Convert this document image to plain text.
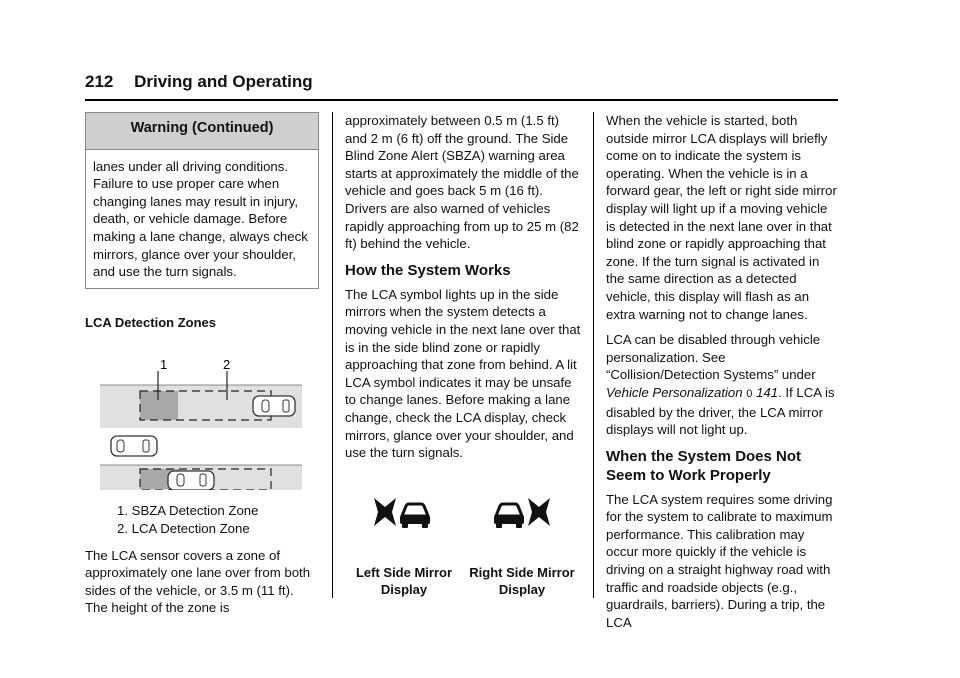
212 Driving and Operating
Warning (Continued)
lanes under all driving conditions. Failure to use proper care when changing lanes may result in injury, death, or vehicle damage. Before making a lane change, always check mirrors, glance over your shoulder, and use the turn signals.
LCA Detection Zones
1	2
1. SBZA Detection Zone
2. LCA Detection Zone

The LCA sensor covers a zone of approximately one lane over from both sides of the vehicle, or 3.5 m (11 ft). The height of the zone is

approximately between 0.5 m (1.5 ft) and 2 m (6 ft) off the ground. The Side Blind Zone Alert (SBZA) warning area starts at approximately the middle of the vehicle and goes back 5 m (16 ft). Drivers are also warned of vehicles rapidly approaching from up to 25 m (82 ft) behind the vehicle.

How the System Works

The LCA symbol lights up in the side mirrors when the system detects a moving vehicle in the next lane over that is in the side blind zone or rapidly approaching that zone from behind. A lit LCA symbol indicates it may be unsafe to change lanes. Before making a lane change, check the LCA display, check mirrors, glance over your shoulder, and use the turn signals.

Left Side Mirror Display
Right Side Mirror Display

When the vehicle is started, both outside mirror LCA displays will briefly come on to indicate the system is operating. When the vehicle is in a forward gear, the left or right side mirror display will light up if a moving vehicle is detected in the next lane over in that blind zone or rapidly approaching that zone. If the turn signal is activated in the same direction as a detected vehicle, this display will flash as an extra warning not to change lanes.

LCA can be disabled through vehicle personalization. See “Collision/Detection Systems” under Vehicle Personalization 0 141. If LCA is disabled by the driver, the LCA mirror displays will not light up.

When the System Does Not Seem to Work Properly

The LCA system requires some driving for the system to calibrate to maximum performance. This calibration may occur more quickly if the vehicle is driving on a straight highway road with traffic and roadside objects (e.g., guardrails, barriers). During a trip, the LCA
